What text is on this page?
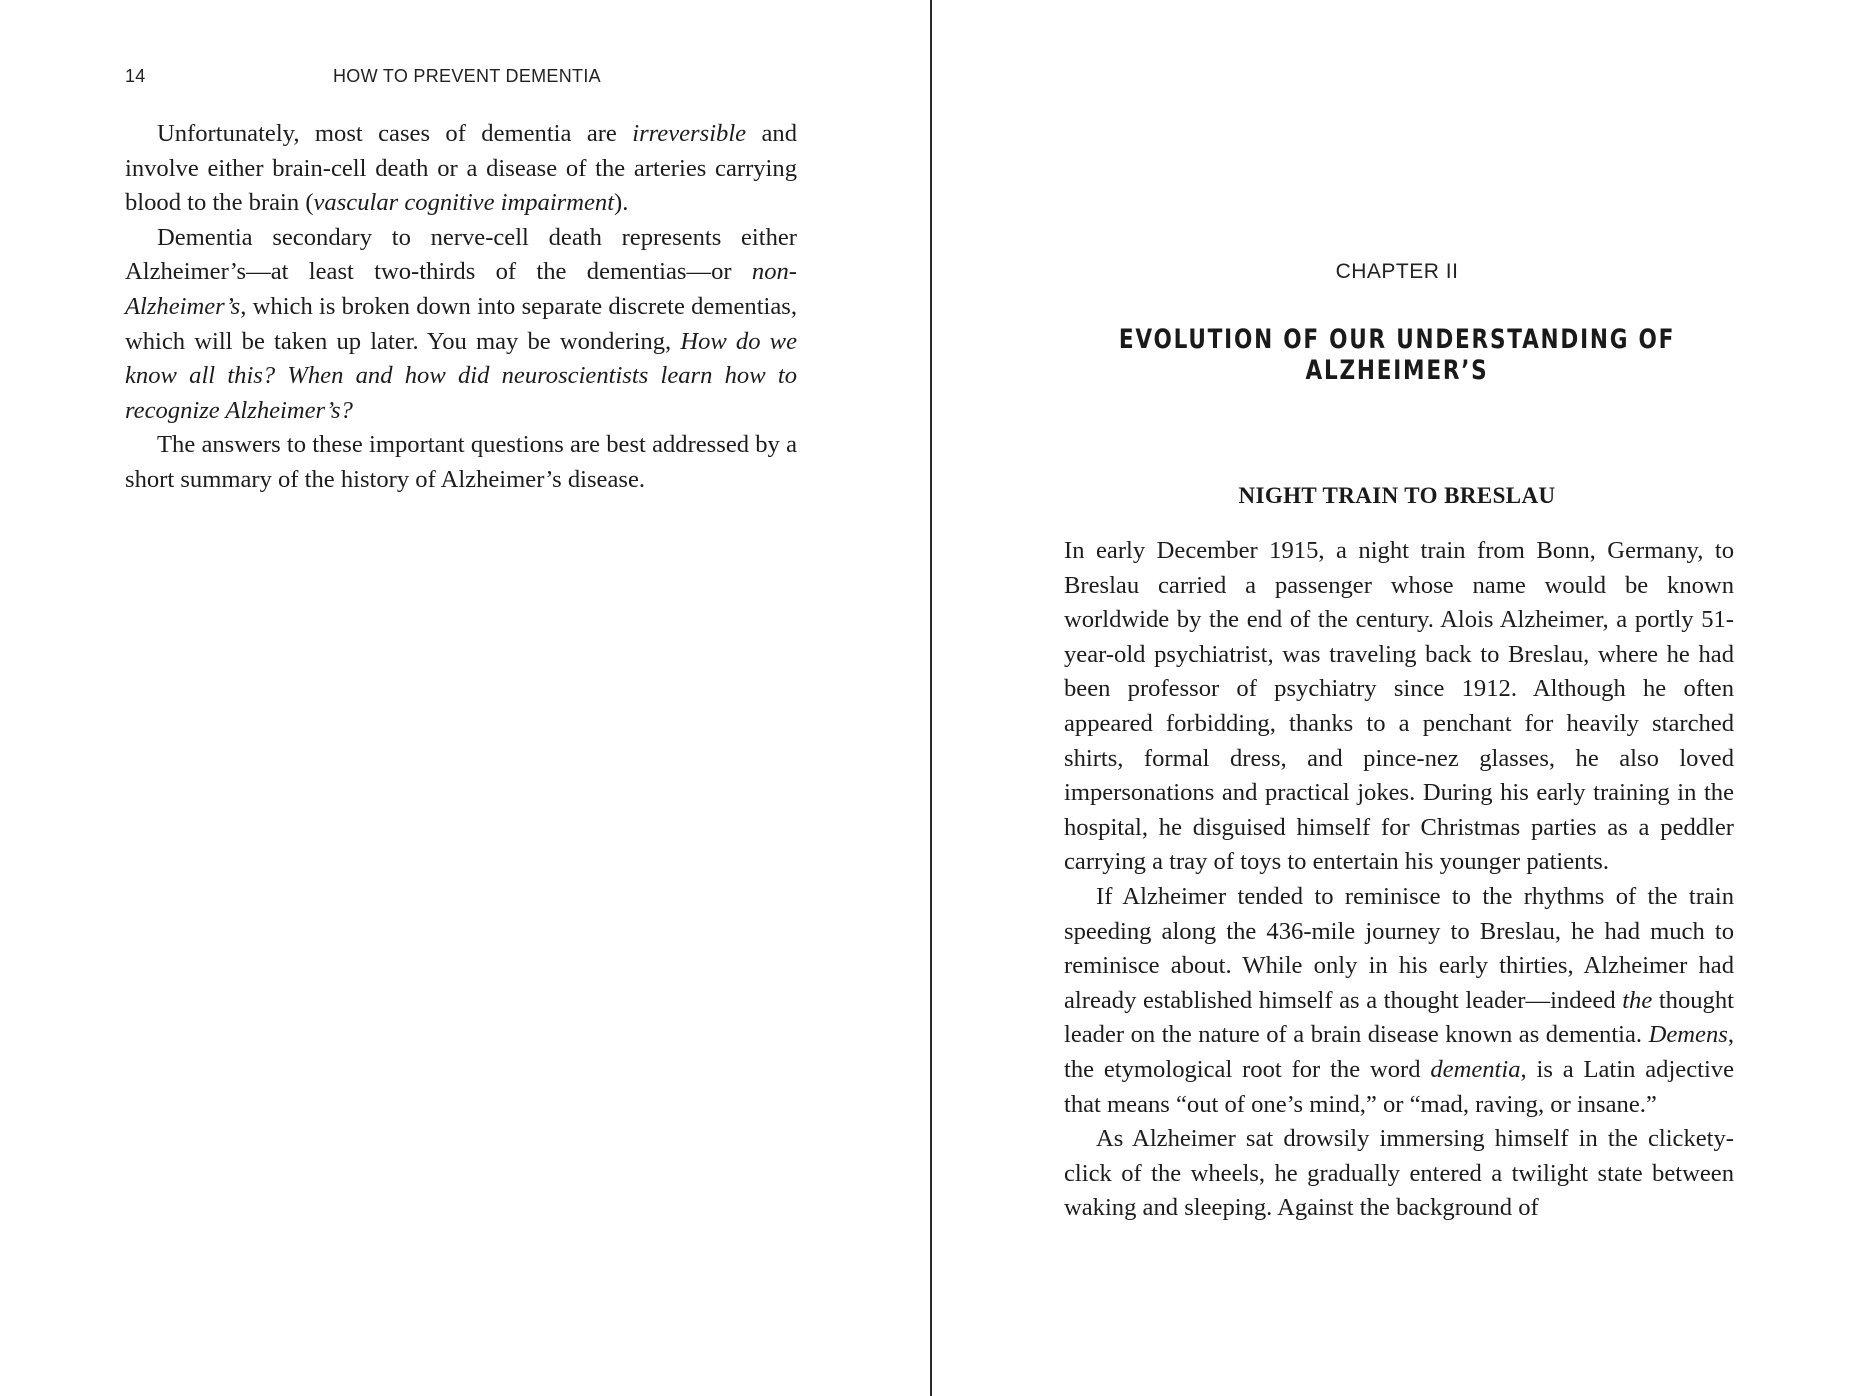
14	HOW TO PREVENT DEMENTIA

Unfortunately, most cases of dementia are irreversible and involve either brain-cell death or a disease of the arteries carrying blood to the brain (vascular cognitive impairment).

Dementia secondary to nerve-cell death represents either Alzheimer’s—at least two-thirds of the dementias—or non-Alzheimer’s, which is broken down into separate discrete dementias, which will be taken up later. You may be wondering, How do we know all this? When and how did neuroscientists learn how to recognize Alzheimer’s?

The answers to these important questions are best addressed by a short summary of the history of Alzheimer’s disease.

CHAPTER II
EVOLUTION OF OUR UNDERSTANDING OF ALZHEIMER’S
NIGHT TRAIN TO BRESLAU

In early December 1915, a night train from Bonn, Germany, to Breslau carried a passenger whose name would be known worldwide by the end of the century. Alois Alzheimer, a portly 51-year-old psychiatrist, was traveling back to Breslau, where he had been professor of psychiatry since 1912. Although he often appeared forbidding, thanks to a penchant for heavily starched shirts, formal dress, and pince-nez glasses, he also loved impersonations and practical jokes. During his early training in the hospital, he disguised himself for Christmas parties as a peddler carrying a tray of toys to entertain his younger patients.

If Alzheimer tended to reminisce to the rhythms of the train speeding along the 436-mile journey to Breslau, he had much to reminisce about. While only in his early thirties, Alzheimer had already established himself as a thought leader—indeed the thought leader on the nature of a brain disease known as dementia. Demens, the etymological root for the word dementia, is a Latin adjective that means “out of one’s mind,” or “mad, raving, or insane.”

As Alzheimer sat drowsily immersing himself in the clickety-click of the wheels, he gradually entered a twilight state between waking and sleeping. Against the background of
